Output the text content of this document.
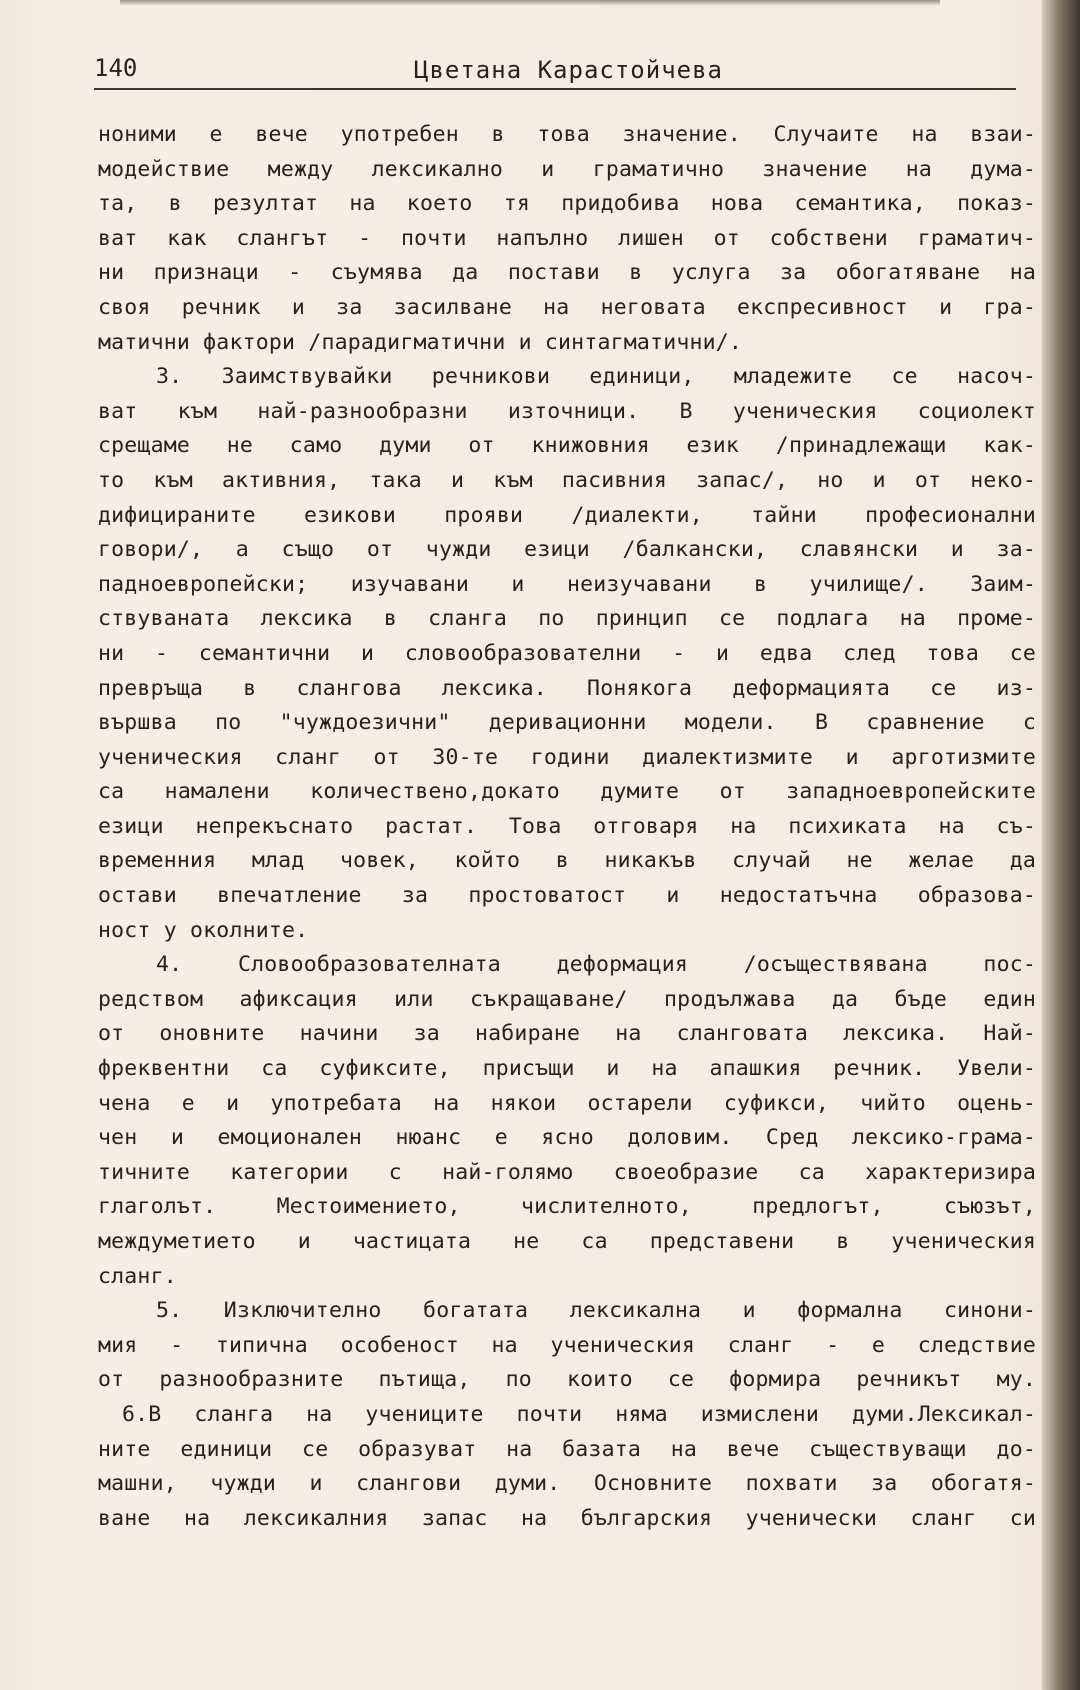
140	Цветана Карастойчева
ноними е вече употребен в това значение. Случаите на взаи-
модействие между лексикално и граматично значение на дума-
та, в резултат на което тя придобива нова семантика, показ-
ват как слангът - почти напълно лишен от собствени граматич-
ни признаци - съумява да постави в услуга за обогатяване на
своя речник и за засилване на неговата експресивност и гра-
матични фактори /парадигматични и синтагматични/.
3. Заимствувайки речникови единици, младежите се насоч-
ват към най-разнообразни източници. В ученическия социолект
срещаме не само думи от книжовния език /принадлежащи как-
то към активния, така и към пасивния запас/, но и от неко-
дифицираните езикови прояви /диалекти, тайни професионални
говори/, а също от чужди езици /балкански, славянски и за-
падноевропейски; изучавани и неизучавани в училище/. Заим-
ствуваната лексика в сланга по принцип се подлага на проме-
ни - семантични и словообразователни - и едва след това се
превръща в слангова лексика. Понякога деформацията се из-
вършва по "чуждоезични" деривационни модели. В сравнение с
ученическия сланг от 30-те години диалектизмите и арготизмите
са намалени количествено,докато думите от западноевропейските
езици непрекъснато растат. Това отговаря на психиката на съ-
временния млад човек, който в никакъв случай не желае да
остави впечатление за простоватост и недостатъчна образова-
ност у околните.
4. Словообразователната деформация /осъществявана пос-
редством афиксация или съкращаване/ продължава да бъде един
от оновните начини за набиране на слангoвата лексика. Най-
фреквентни са суфиксите, присъщи и на апашкия речник. Увели-
чена е и употребата на някои остарели суфикси, чийто оцень-
чен и емоционален нюанс е ясно доловим. Сред лексико-грама-
тичните категории с най-голямо своеобразие са характеризира
глаголът. Местоимението, числителното, предлогът, съюзът,
междуметието и частицата не са представени в ученическия
сланг.
5. Изключително богатата лексикална и формална синони-
мия - типична особеност на ученическия сланг - е следствие
от разнообразните пътища, по които се формира речникът му.
6.В сланга на учениците почти няма измислени думи.Лексикал-
ните единици се образуват на базата на вече съществуващи до-
машни, чужди и слангови думи. Основните похвати за обогатя-
ване на лексикалния запас на българския ученически сланг си
